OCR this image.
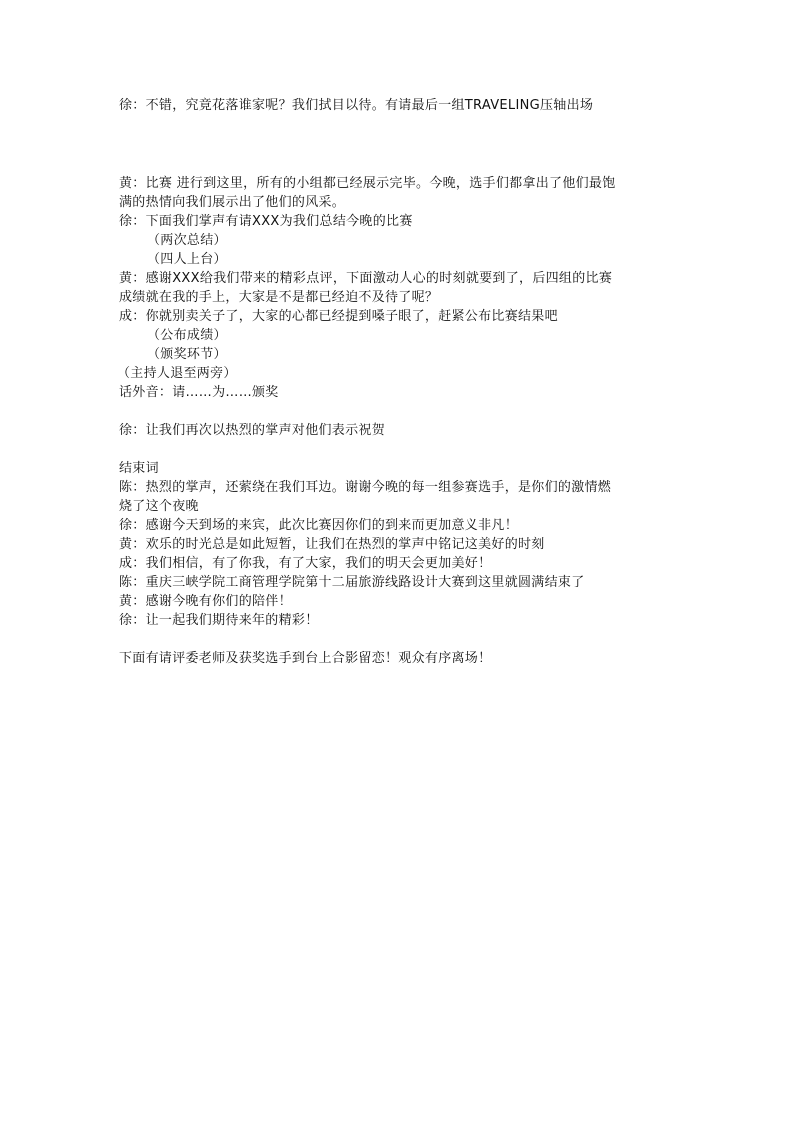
徐：不错，究竟花落谁家呢？我们拭目以待。有请最后一组TRAVELING压轴出场
黄：比赛 进行到这里，所有的小组都已经展示完毕。今晚，选手们都拿出了他们最饱
满的热情向我们展示出了他们的风采。
徐：下面我们掌声有请XXX为我们总结今晚的比赛
（两次总结）
（四人上台）
黄：感谢XXX给我们带来的精彩点评，下面激动人心的时刻就要到了，后四组的比赛
成绩就在我的手上，大家是不是都已经迫不及待了呢？
成：你就别卖关子了，大家的心都已经提到嗓子眼了，赶紧公布比赛结果吧
（公布成绩）
（颁奖环节）
（主持人退至两旁）
话外音：请……为……颁奖
徐：让我们再次以热烈的掌声对他们表示祝贺
结束词
陈：热烈的掌声，还萦绕在我们耳边。谢谢今晚的每一组参赛选手，是你们的激情燃
烧了这个夜晚
徐：感谢今天到场的来宾，此次比赛因你们的到来而更加意义非凡！
黄：欢乐的时光总是如此短暂，让我们在热烈的掌声中铭记这美好的时刻
成：我们相信，有了你我，有了大家，我们的明天会更加美好！
陈：重庆三峡学院工商管理学院第十二届旅游线路设计大赛到这里就圆满结束了
黄：感谢今晚有你们的陪伴！
徐：让一起我们期待来年的精彩！
下面有请评委老师及获奖选手到台上合影留恋！观众有序离场！
